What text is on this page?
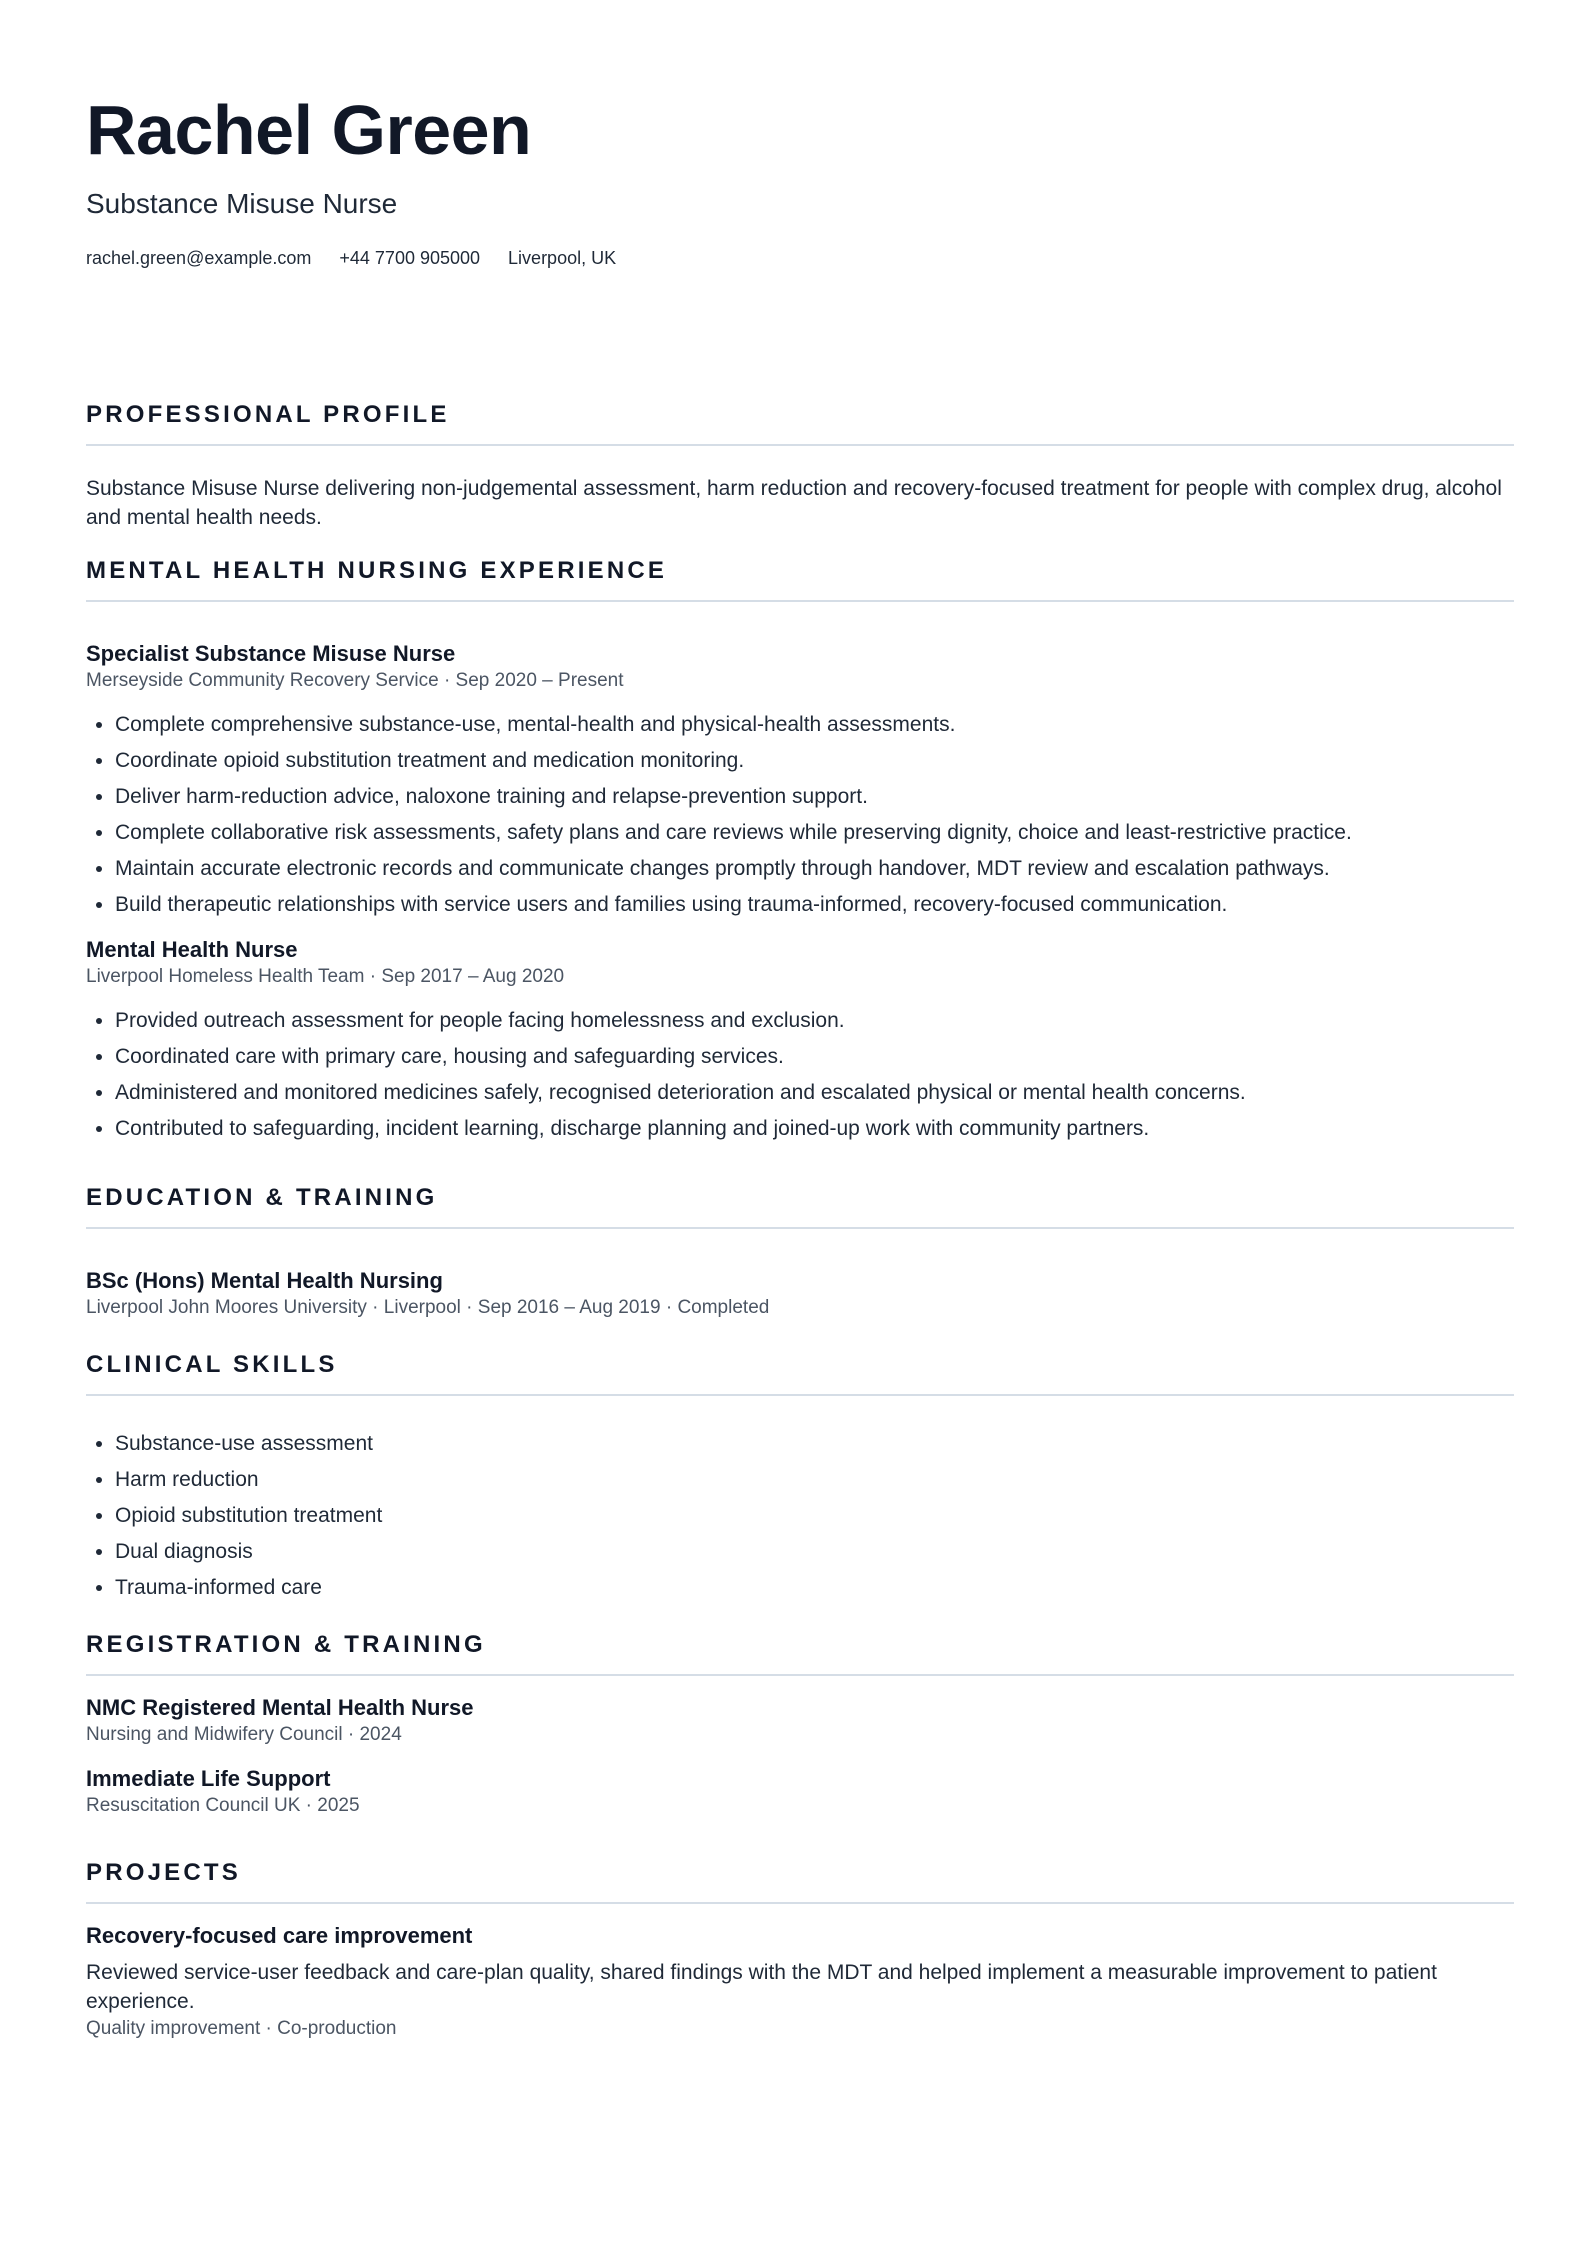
Rachel Green

Substance Misuse Nurse

rachel.green@example.com +44 7700 905000 Liverpool, UK
PROFESSIONAL PROFILE

Substance Misuse Nurse delivering non-judgemental assessment, harm reduction and recovery-focused treatment for people with complex drug, alcohol and mental health needs.

MENTAL HEALTH NURSING EXPERIENCE

Specialist Substance Misuse Nurse

Merseyside Community Recovery Service · Sep 2020 – Present

• Complete comprehensive substance-use, mental-health and physical-health assessments.
• Coordinate opioid substitution treatment and medication monitoring.
• Deliver harm-reduction advice, naloxone training and relapse-prevention support.
• Complete collaborative risk assessments, safety plans and care reviews while preserving dignity, choice and least-restrictive practice.
• Maintain accurate electronic records and communicate changes promptly through handover, MDT review and escalation pathways.
• Build therapeutic relationships with service users and families using trauma-informed, recovery-focused communication.

Mental Health Nurse

Liverpool Homeless Health Team · Sep 2017 – Aug 2020

• Provided outreach assessment for people facing homelessness and exclusion.
• Coordinated care with primary care, housing and safeguarding services.
• Administered and monitored medicines safely, recognised deterioration and escalated physical or mental health concerns.
• Contributed to safeguarding, incident learning, discharge planning and joined-up work with community partners.
EDUCATION & TRAINING

BSc (Hons) Mental Health Nursing

Liverpool John Moores University · Liverpool · Sep 2016 – Aug 2019 · Completed

CLINICAL SKILLS
• Substance-use assessment
• Harm reduction
• Opioid substitution treatment
• Dual diagnosis
• Trauma-informed care
REGISTRATION & TRAINING

NMC Registered Mental Health Nurse

Nursing and Midwifery Council · 2024

Immediate Life Support

Resuscitation Council UK · 2025

PROJECTS

Recovery-focused care improvement

Reviewed service-user feedback and care-plan quality, shared findings with the MDT and helped implement a measurable improvement to patient experience.

Quality improvement · Co-production
